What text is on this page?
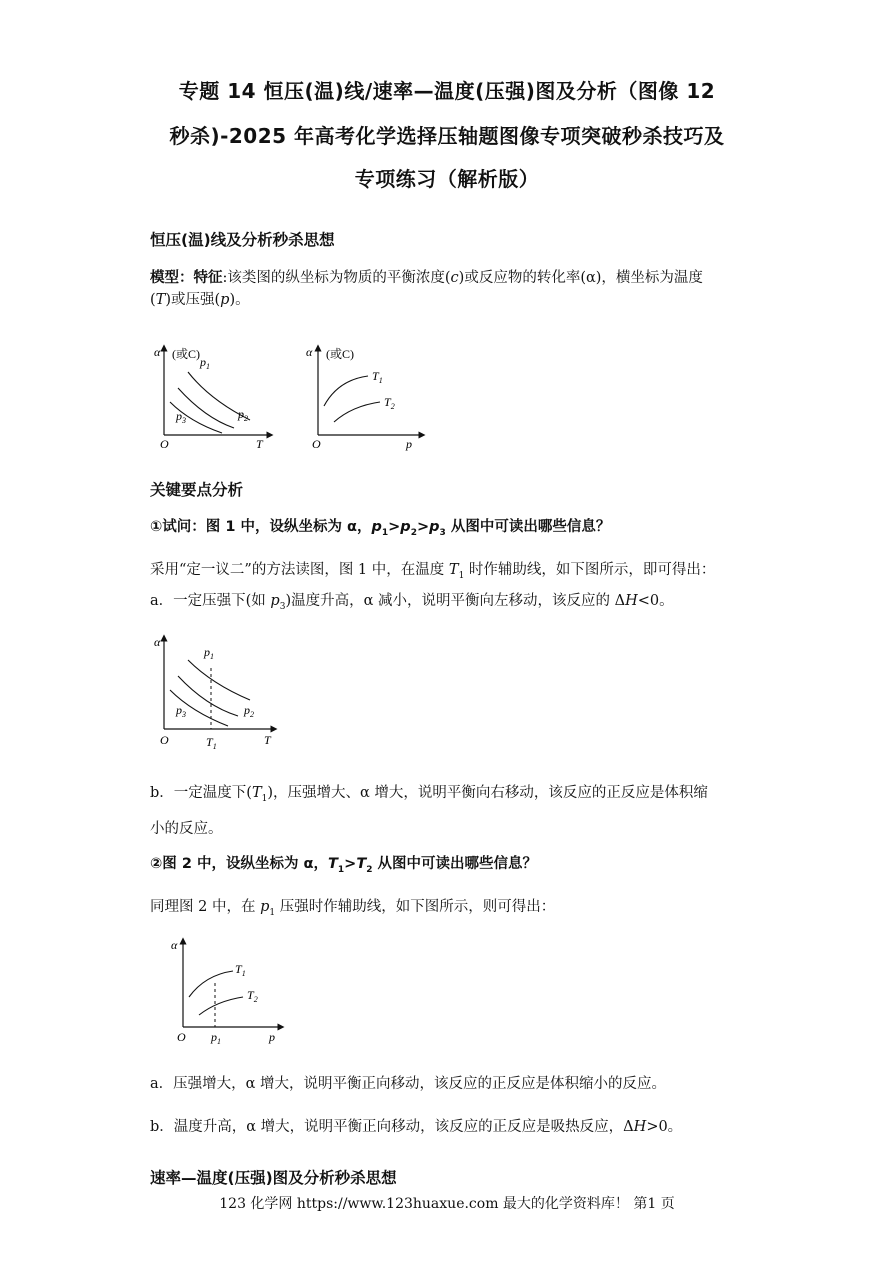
专题 14 恒压(温)线/速率—温度(压强)图及分析（图像 12
秒杀)-2025 年高考化学选择压轴题图像专项突破秒杀技巧及
专项练习（解析版）
恒压(温)线及分析秒杀思想
模型：特征:该类图的纵坐标为物质的平衡浓度(c)或反应物的转化率(α)，横坐标为温度
(T)或压强(p)。
α (或C)
O	T
$p_1$
$p_2$
$p_3$
α (或C)
O	p
$T_1$
$T_2$
关键要点分析
①试问：图 1 中，设纵坐标为 α，$p_1>p_2>p_3$ 从图中可读出哪些信息？
采用“定一议二”的方法读图，图 1 中，在温度 $T_1$ 时作辅助线，如下图所示，即可得出：
a．一定压强下(如 $p_3$)温度升高，α 减小，说明平衡向左移动，该反应的 ΔH<0。
α
O	T
$T_1$
$p_1$
$p_2$
$p_3$
b．一定温度下$(T_1)$，压强增大、α 增大，说明平衡向右移动，该反应的正反应是体积缩
小的反应。
②图 2 中，设纵坐标为 α，$T_1>T_2$ 从图中可读出哪些信息？
同理图 2 中，在 $p_1$ 压强时作辅助线，如下图所示，则可得出：
α
O	p
$p_1$
$T_1$
$T_2$
a．压强增大，α 增大，说明平衡正向移动，该反应的正反应是体积缩小的反应。
b．温度升高，α 增大，说明平衡正向移动，该反应的正反应是吸热反应，ΔH>0。
速率—温度(压强)图及分析秒杀思想
123 化学网 https://www.123huaxue.com 最大的化学资料库！ 第1 页
